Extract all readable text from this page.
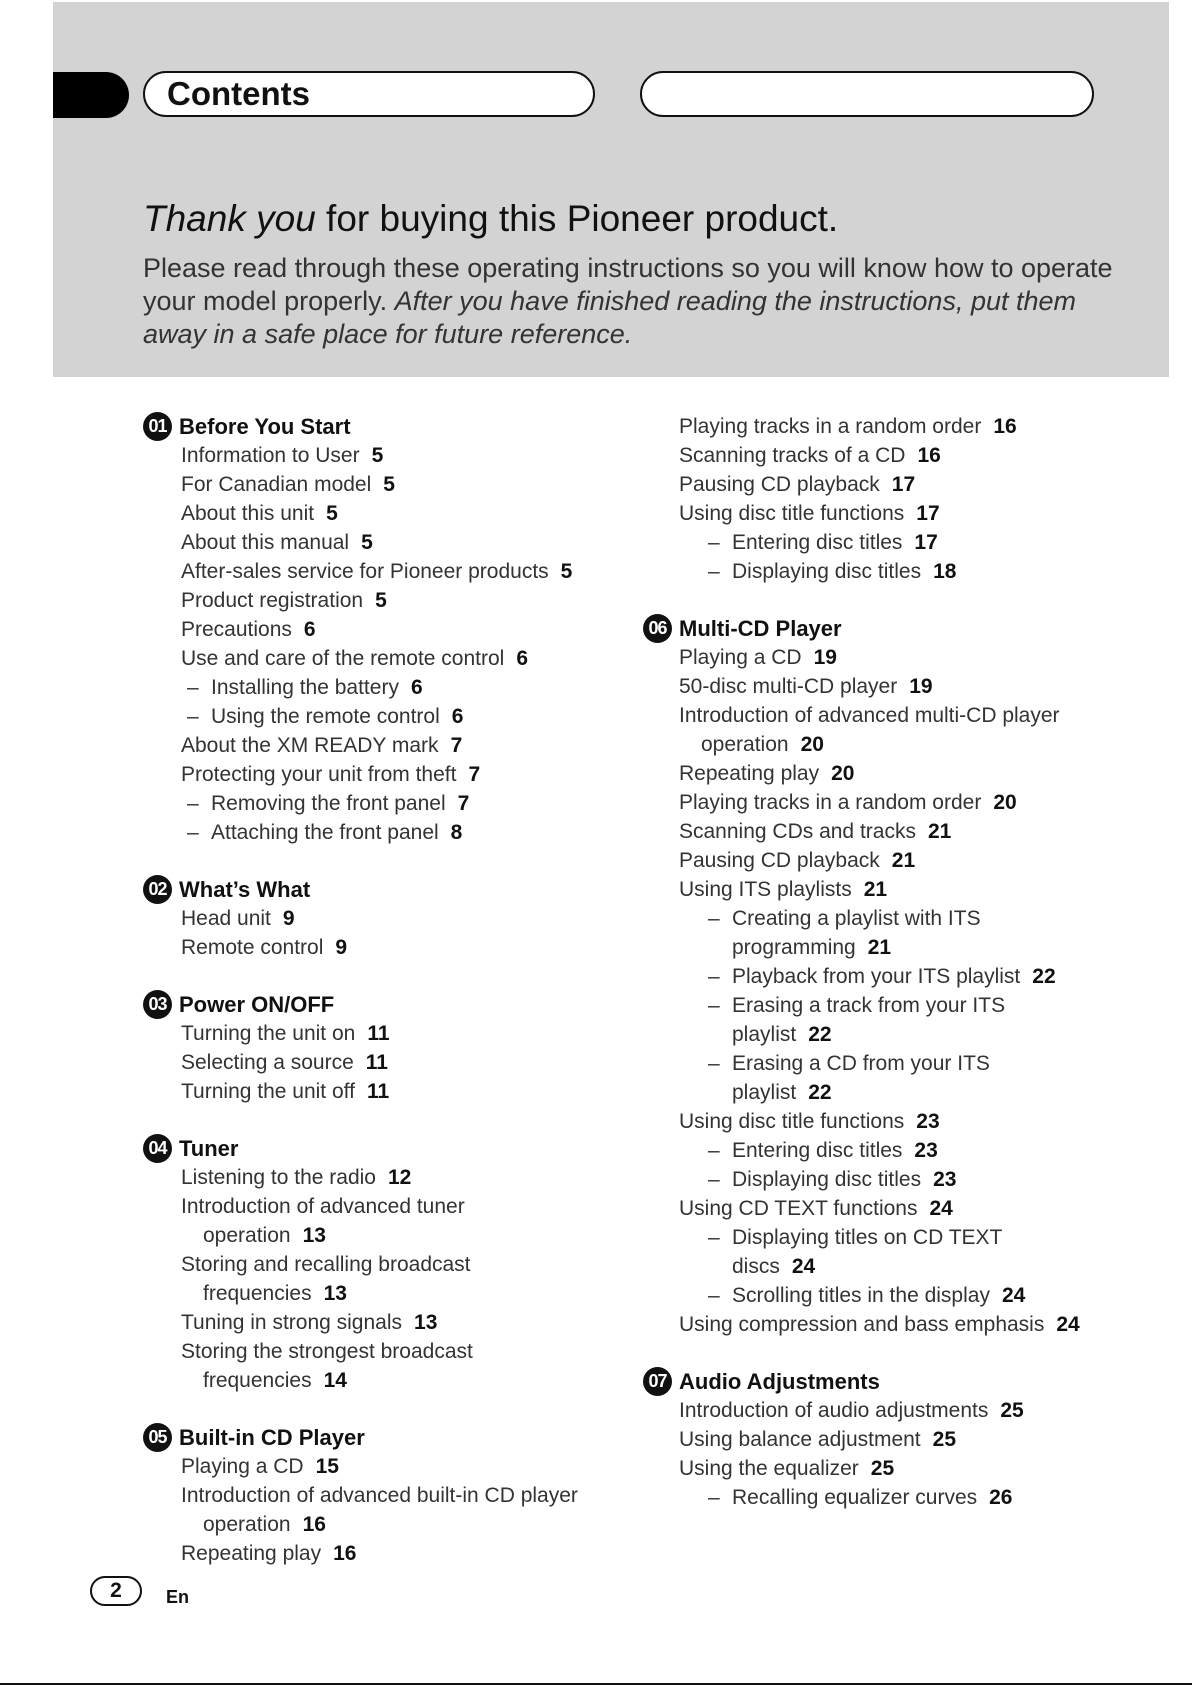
Contents
Thank you for buying this Pioneer product.
Please read through these operating instructions so you will know how to operate your model properly. After you have finished reading the instructions, put them away in a safe place for future reference.
01 Before You Start
Information to User 5
For Canadian model 5
About this unit 5
About this manual 5
After-sales service for Pioneer products 5
Product registration 5
Precautions 6
Use and care of the remote control 6
– Installing the battery 6
– Using the remote control 6
About the XM READY mark 7
Protecting your unit from theft 7
– Removing the front panel 7
– Attaching the front panel 8
02 What’s What
Head unit 9
Remote control 9
03 Power ON/OFF
Turning the unit on 11
Selecting a source 11
Turning the unit off 11
04 Tuner
Listening to the radio 12
Introduction of advanced tuner
operation 13
Storing and recalling broadcast
frequencies 13
Tuning in strong signals 13
Storing the strongest broadcast
frequencies 14
05 Built-in CD Player
Playing a CD 15
Introduction of advanced built-in CD player
operation 16
Repeating play 16
Playing tracks in a random order 16
Scanning tracks of a CD 16
Pausing CD playback 17
Using disc title functions 17
– Entering disc titles 17
– Displaying disc titles 18
06 Multi-CD Player
Playing a CD 19
50-disc multi-CD player 19
Introduction of advanced multi-CD player
operation 20
Repeating play 20
Playing tracks in a random order 20
Scanning CDs and tracks 21
Pausing CD playback 21
Using ITS playlists 21
– Creating a playlist with ITS
programming 21
– Playback from your ITS playlist 22
– Erasing a track from your ITS
playlist 22
– Erasing a CD from your ITS
playlist 22
Using disc title functions 23
– Entering disc titles 23
– Displaying disc titles 23
Using CD TEXT functions 24
– Displaying titles on CD TEXT
discs 24
– Scrolling titles in the display 24
Using compression and bass emphasis 24
07 Audio Adjustments
Introduction of audio adjustments 25
Using balance adjustment 25
Using the equalizer 25
– Recalling equalizer curves 26
2	En
